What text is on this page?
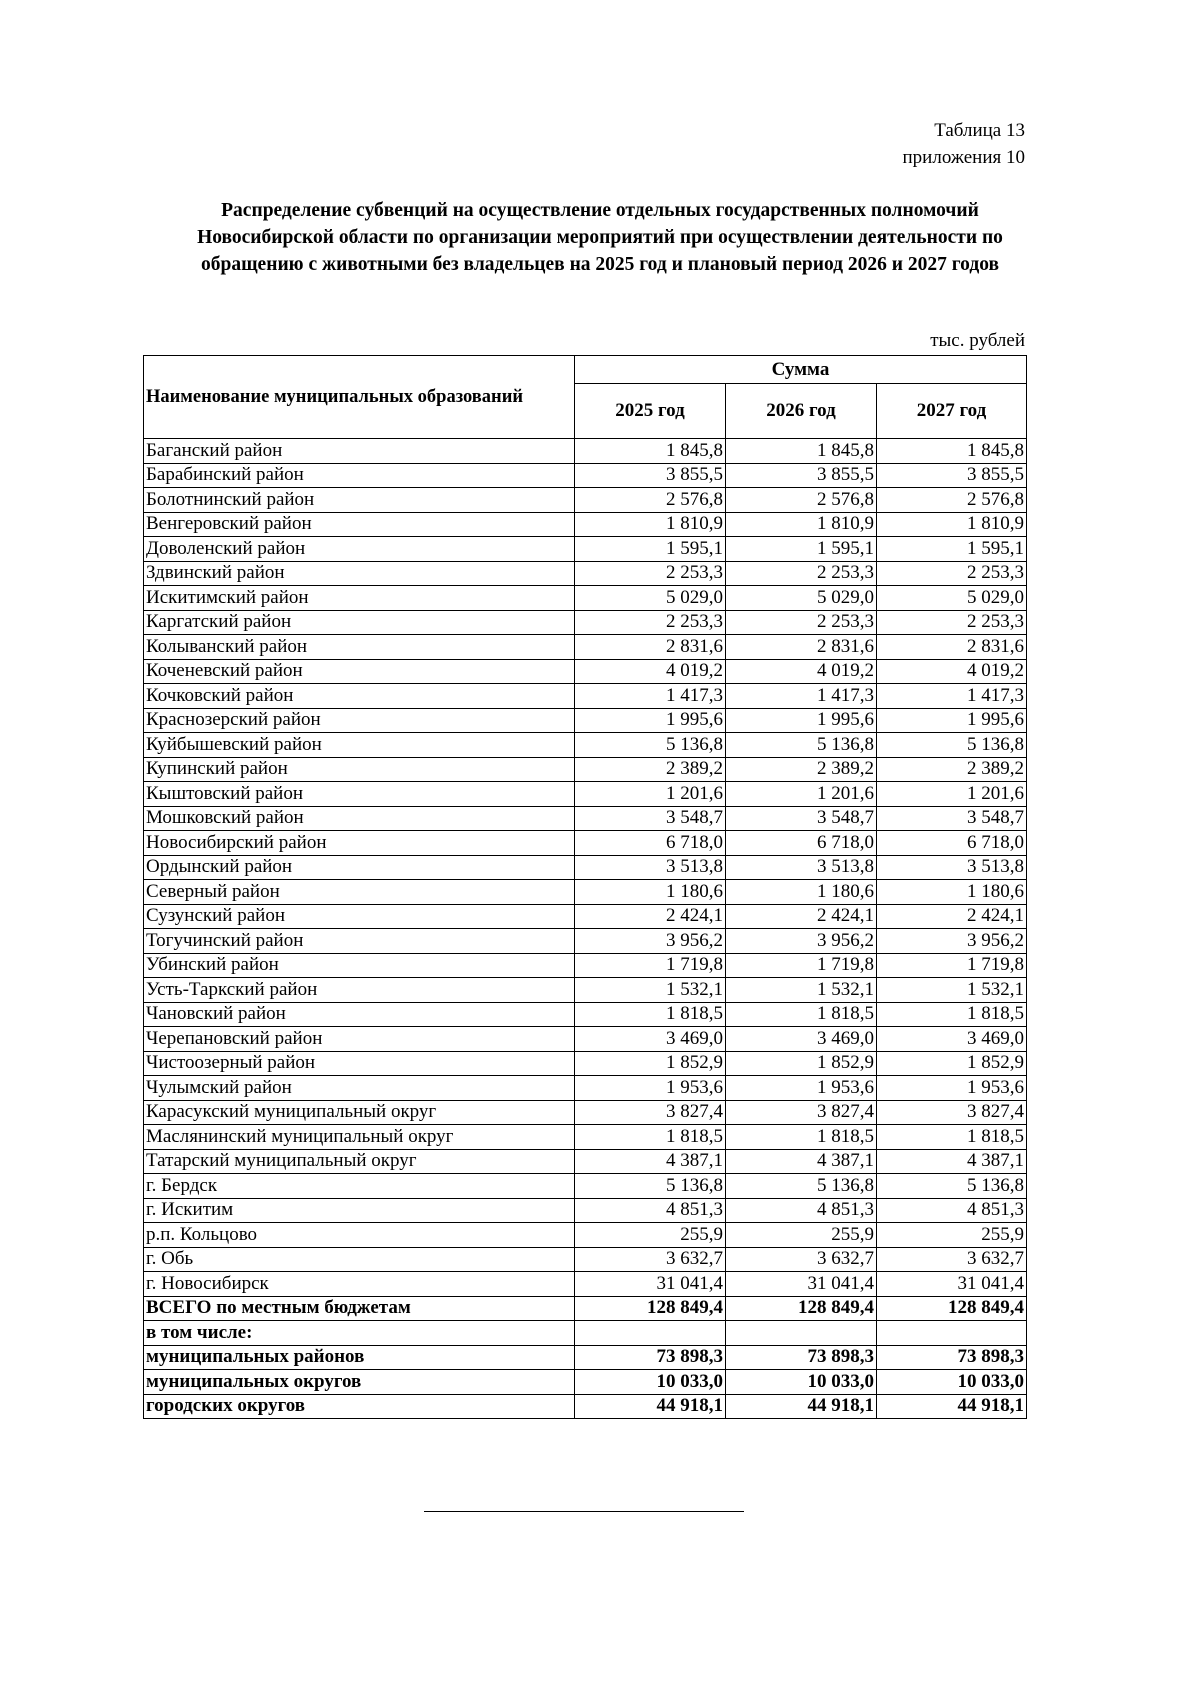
Таблица 13
приложения 10
Распределение субвенций на осуществление отдельных государственных полномочий
Новосибирской области по организации мероприятий при осуществлении деятельности по
обращению с животными без владельцев на 2025 год и плановый период 2026 и 2027 годов
тыс. рублей
Наименование муниципальных образований	Сумма		
	2025 год	2026 год	2027 год
Баганский район	1 845,8	1 845,8	1 845,8
Барабинский район	3 855,5	3 855,5	3 855,5
Болотнинский район	2 576,8	2 576,8	2 576,8
Венгеровский район	1 810,9	1 810,9	1 810,9
Доволенский район	1 595,1	1 595,1	1 595,1
Здвинский район	2 253,3	2 253,3	2 253,3
Искитимский район	5 029,0	5 029,0	5 029,0
Каргатский район	2 253,3	2 253,3	2 253,3
Колыванский район	2 831,6	2 831,6	2 831,6
Коченевский район	4 019,2	4 019,2	4 019,2
Кочковский район	1 417,3	1 417,3	1 417,3
Краснозерский район	1 995,6	1 995,6	1 995,6
Куйбышевский район	5 136,8	5 136,8	5 136,8
Купинский район	2 389,2	2 389,2	2 389,2
Кыштовский район	1 201,6	1 201,6	1 201,6
Мошковский район	3 548,7	3 548,7	3 548,7
Новосибирский район	6 718,0	6 718,0	6 718,0
Ордынский район	3 513,8	3 513,8	3 513,8
Северный район	1 180,6	1 180,6	1 180,6
Сузунский район	2 424,1	2 424,1	2 424,1
Тогучинский район	3 956,2	3 956,2	3 956,2
Убинский район	1 719,8	1 719,8	1 719,8
Усть-Таркский район	1 532,1	1 532,1	1 532,1
Чановский район	1 818,5	1 818,5	1 818,5
Черепановский район	3 469,0	3 469,0	3 469,0
Чистоозерный район	1 852,9	1 852,9	1 852,9
Чулымский район	1 953,6	1 953,6	1 953,6
Карасукский муниципальный округ	3 827,4	3 827,4	3 827,4
Маслянинский муниципальный округ	1 818,5	1 818,5	1 818,5
Татарский муниципальный округ	4 387,1	4 387,1	4 387,1
г. Бердск	5 136,8	5 136,8	5 136,8
г. Искитим	4 851,3	4 851,3	4 851,3
р.п. Кольцово	255,9	255,9	255,9
г. Обь	3 632,7	3 632,7	3 632,7
г. Новосибирск	31 041,4	31 041,4	31 041,4
ВСЕГО по местным бюджетам	128 849,4	128 849,4	128 849,4
в том числе:			
муниципальных районов	73 898,3	73 898,3	73 898,3
муниципальных округов	10 033,0	10 033,0	10 033,0
городских округов	44 918,1	44 918,1	44 918,1
